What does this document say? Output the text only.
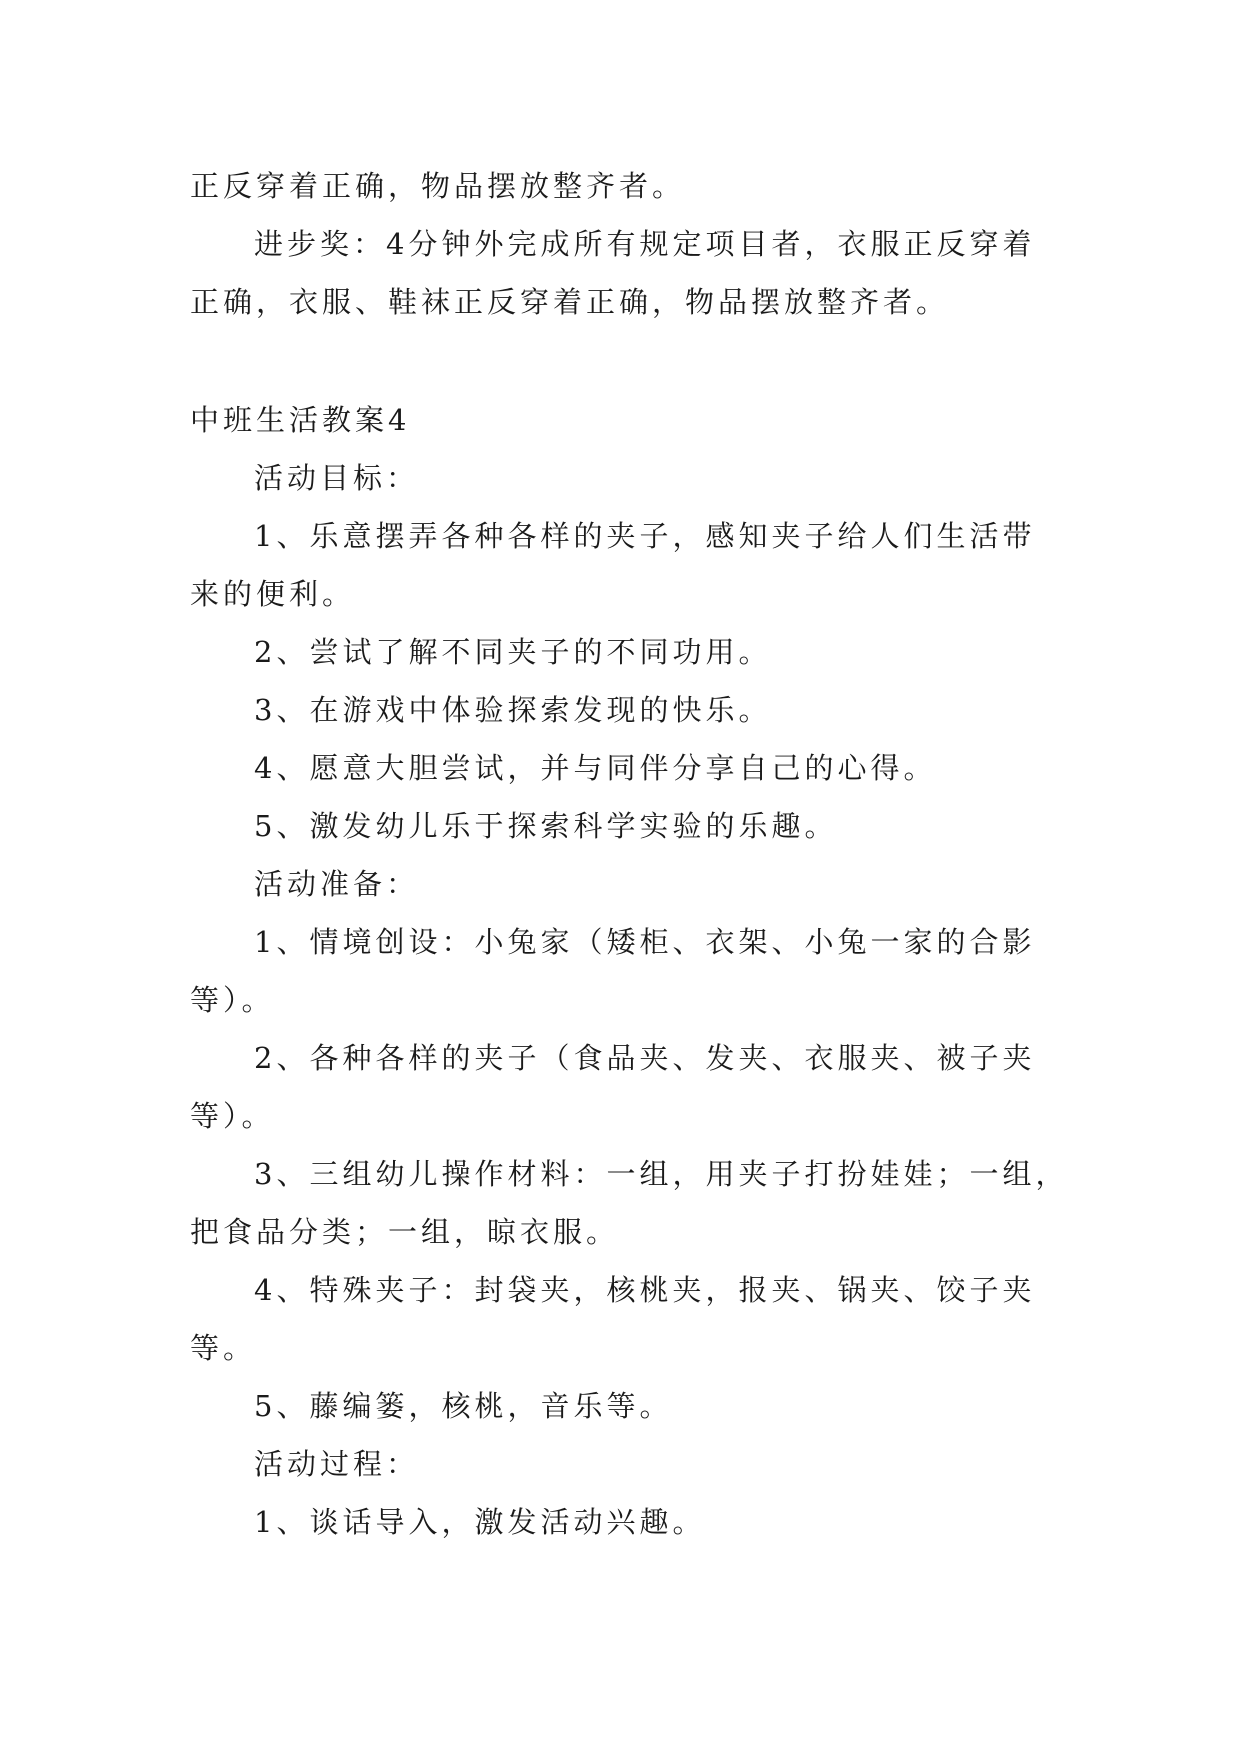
正反穿着正确，物品摆放整齐者。

进步奖：4分钟外完成所有规定项目者，衣服正反穿着

正确，衣服、鞋袜正反穿着正确，物品摆放整齐者。

中班生活教案4

活动目标：

1、乐意摆弄各种各样的夹子，感知夹子给人们生活带

来的便利。

2、尝试了解不同夹子的不同功用。

3、在游戏中体验探索发现的快乐。

4、愿意大胆尝试，并与同伴分享自己的心得。

5、激发幼儿乐于探索科学实验的乐趣。

活动准备：

1、情境创设：小兔家（矮柜、衣架、小兔一家的合影

等）。

2、各种各样的夹子（食品夹、发夹、衣服夹、被子夹

等）。

3、三组幼儿操作材料：一组，用夹子打扮娃娃；一组，

把食品分类；一组，晾衣服。

4、特殊夹子：封袋夹，核桃夹，报夹、锅夹、饺子夹

等。

5、藤编篓，核桃，音乐等。

活动过程：

1、谈话导入，激发活动兴趣。
